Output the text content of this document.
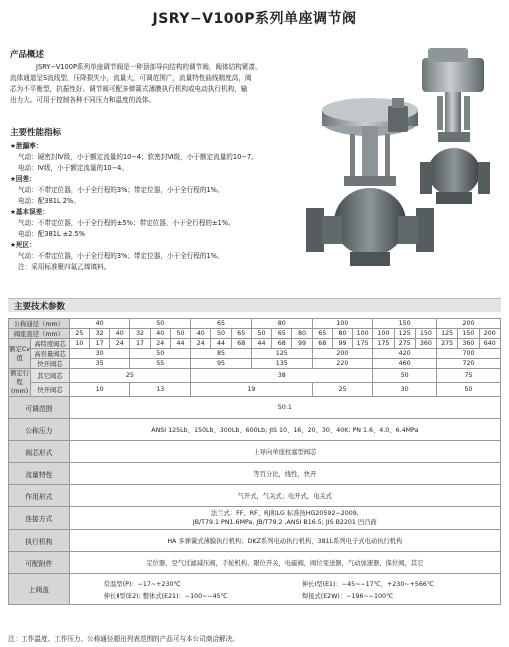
JSRY−V100P系列单座调节阀
产品概述

JSRY−V100P系列单座调节阀是一种顶部导向结构的调节阀，阀体结构紧凑，

流体通道呈S流线型，压降损失小，流量大，可调范围广，流量特性曲线精度高，阀

芯为不平衡型，抗振性好。调节阀可配多弹簧式薄膜执行机构或电动执行机构，输

出力大。可用于控制各种不同压力和温度的流体。

主要性能指标

★泄漏率：

气动：硬密封Ⅳ级，小于额定流量的10−4；软密封Ⅵ级，小于额定流量的10−7。

电动：Ⅳ级，小于额定流量的10−4。

★回差：

气动：不带定位器，小于全行程的3%；带定位器，小于全行程的1%。

电动：配381L 2%。

★基本误差：

气动：不带定位器，小于全行程的±5%；带定位器，小于全行程的±1%。

电动：配381L ±2.5%

★死区：

气动：不带定位器，小于全行程的3%；带定位器，小于全行程的1%。

注：采用标准聚四氟乙烯填料。

主要技术参数
公称通径（mm）		40			50			65			80			100			150			200		
阀座直径（mm）		25	32	40	32	40	50	40	50	65	50	65	80	65	80	100	100	125	150	125	150	200
额定Cv值	高特度阀芯	10	17	24	17	24	44	24	44	68	44	68	99	68	99	175	175	275	360	275	360	640
	高容量阀芯	30			50			85			125			200			420			700		
	快开阀芯	35			55			95			135			220			460			720		
额定行程(mm)	其它阀芯	25						38									50			75		
	快开阀芯	10			13			19						25			30			50		
可调范围		50:1																				
公称压力		ANSI 125Lb、150Lb、300Lb、600Lb; JIS 10、16、20、30、40K; PN 1.6、4.0、6.4MPa																				
阀芯形式		上导向单座柱塞型阀芯																				
流量特性		等百分比，线性，快开																				
作用形式		气开式，气关式；电开式，电关式																				
连接方式		法兰式：FF、RF、RJ和LG 标准按HG20592−2009,
JB/T79.1 PN1.6MPa, JB/T79.2 ,ANSI B16.5; JIS B2201 凹凸面																				

执行机构		HA 多弹簧式薄膜执行机构；DKZ系列电动执行机构，381L系列电子式电动执行机构																				
可配附件		定位器，空气过滤减压阀，手轮机构，限位开关，电磁阀，阀位变送器，气动加速器，保位阀，其它																				
上阀盖		常温型(P)：−17~+230℃ 伸长I型(E1)：−45~−17℃，+230~+566℃
伸长Ⅱ型(E2): 整体式(E21)：−100~−45℃ 焊接式(E2W)：−196~−100℃																				
注：工作温度、工作压力、公称通径超出列表范围的产品可与本公司商洽解决。
